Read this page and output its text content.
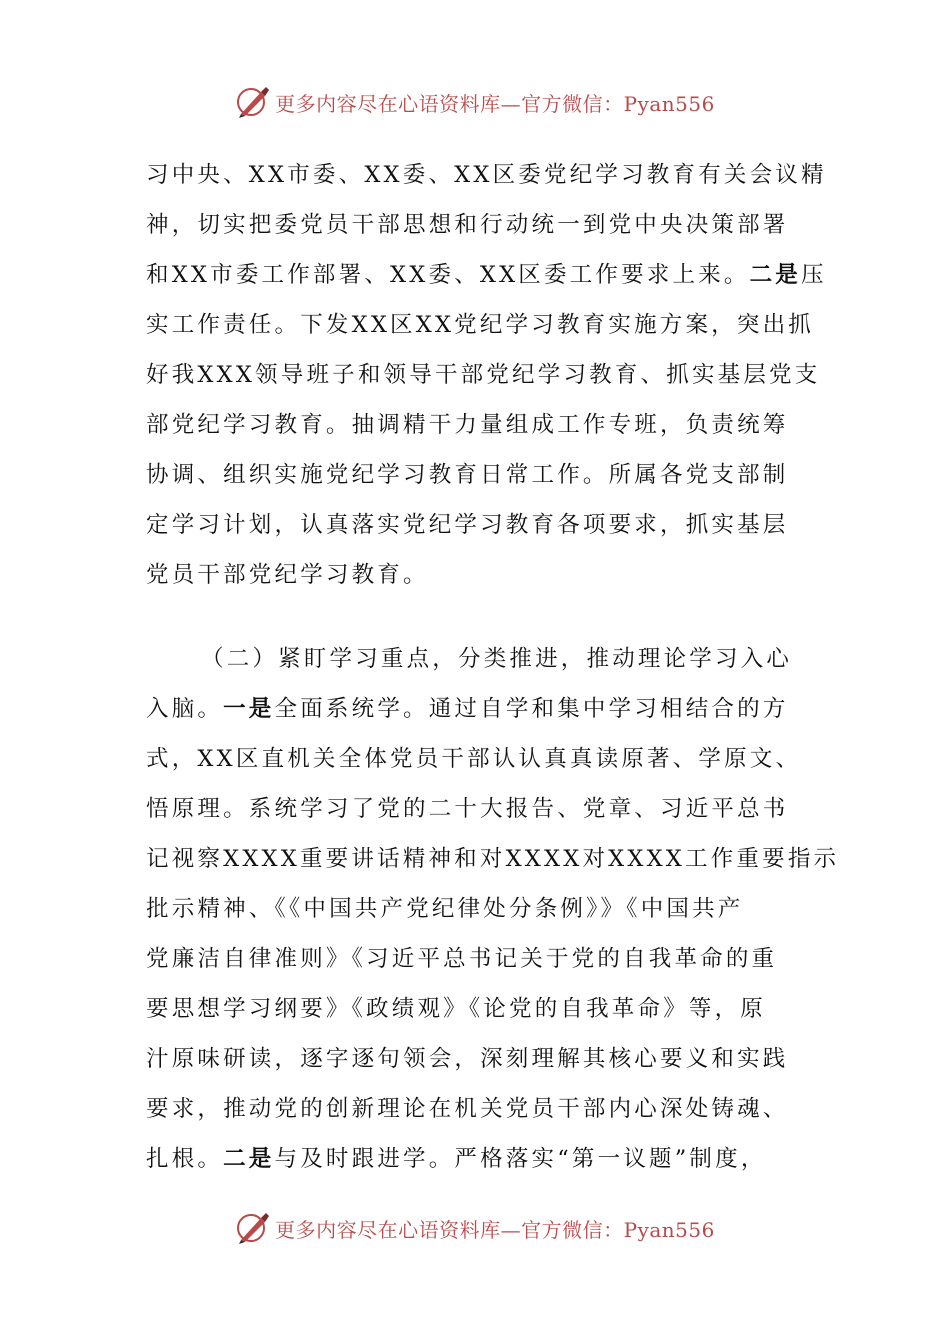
更多内容尽在心语资料库—官方微信：Pyan556
习中央、XX市委、XX委、XX区委党纪学习教育有关会议精
神，切实把委党员干部思想和行动统一到党中央决策部署
和XX市委工作部署、XX委、XX区委工作要求上来。二是压
实工作责任。下发XX区XX党纪学习教育实施方案，突出抓
好我XXX领导班子和领导干部党纪学习教育、抓实基层党支
部党纪学习教育。抽调精干力量组成工作专班，负责统筹
协调、组织实施党纪学习教育日常工作。所属各党支部制
定学习计划，认真落实党纪学习教育各项要求，抓实基层
党员干部党纪学习教育。
（二）紧盯学习重点，分类推进，推动理论学习入心
入脑。一是全面系统学。通过自学和集中学习相结合的方
式，XX区直机关全体党员干部认认真真读原著、学原文、
悟原理。系统学习了党的二十大报告、党章、习近平总书
记视察XXXX重要讲话精神和对XXXX对XXXX工作重要指示
批示精神、《《中国共产党纪律处分条例》》《中国共产
党廉洁自律准则》《习近平总书记关于党的自我革命的重
要思想学习纲要》《政绩观》《论党的自我革命》等，原
汁原味研读，逐字逐句领会，深刻理解其核心要义和实践
要求，推动党的创新理论在机关党员干部内心深处铸魂、
扎根。二是与及时跟进学。严格落实“第一议题”制度，
更多内容尽在心语资料库—官方微信：Pyan556
